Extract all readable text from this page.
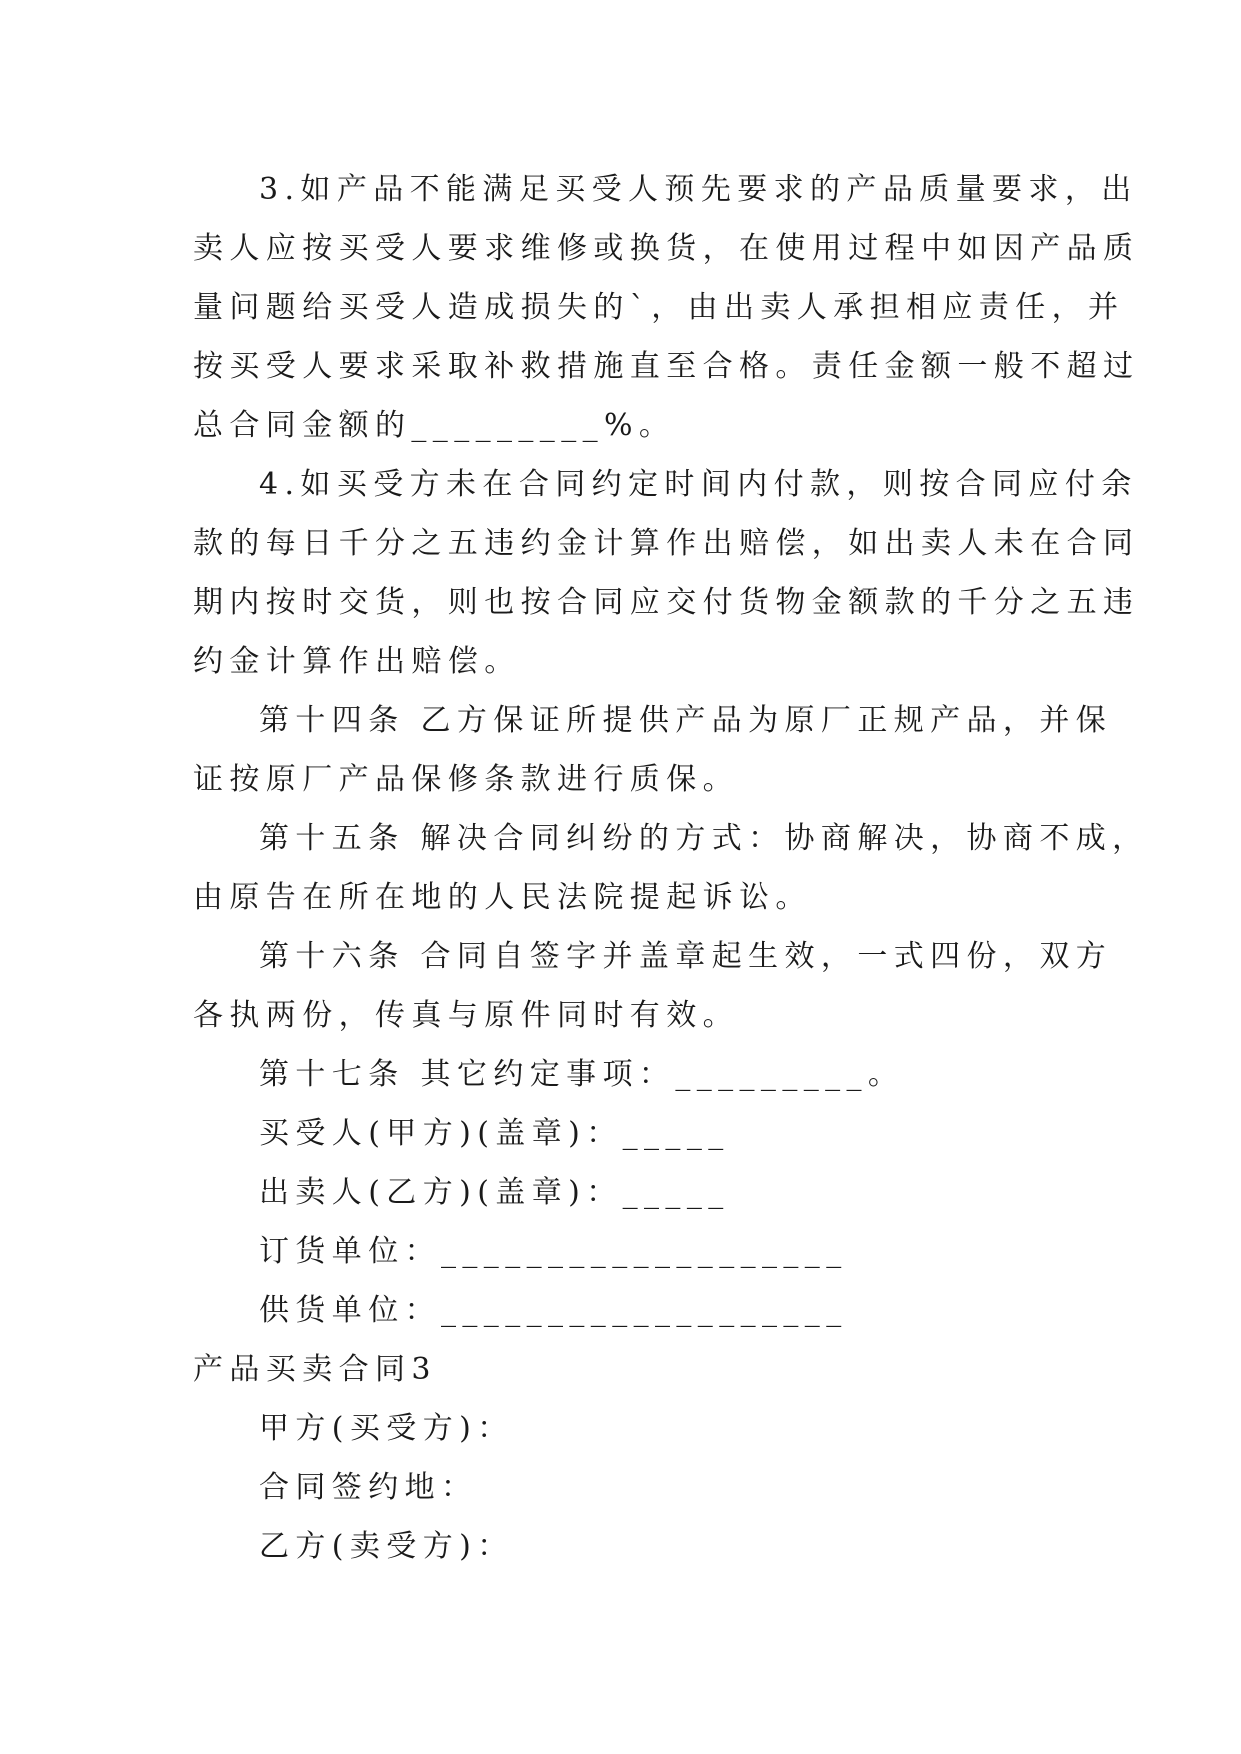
3.如产品不能满足买受人预先要求的产品质量要求，出
卖人应按买受人要求维修或换货，在使用过程中如因产品质
量问题给买受人造成损失的`，由出卖人承担相应责任，并
按买受人要求采取补救措施直至合格。责任金额一般不超过
总合同金额的_________%。
4.如买受方未在合同约定时间内付款，则按合同应付余
款的每日千分之五违约金计算作出赔偿，如出卖人未在合同
期内按时交货，则也按合同应交付货物金额款的千分之五违
约金计算作出赔偿。
第十四条 乙方保证所提供产品为原厂正规产品，并保
证按原厂产品保修条款进行质保。
第十五条 解决合同纠纷的方式：协商解决，协商不成，
由原告在所在地的人民法院提起诉讼。
第十六条 合同自签字并盖章起生效，一式四份，双方
各执两份，传真与原件同时有效。
第十七条 其它约定事项：_________。
买受人(甲方)(盖章)：_____
出卖人(乙方)(盖章)：_____
订货单位：___________________
供货单位：___________________
产品买卖合同3
甲方(买受方)：
合同签约地：
乙方(卖受方)：
